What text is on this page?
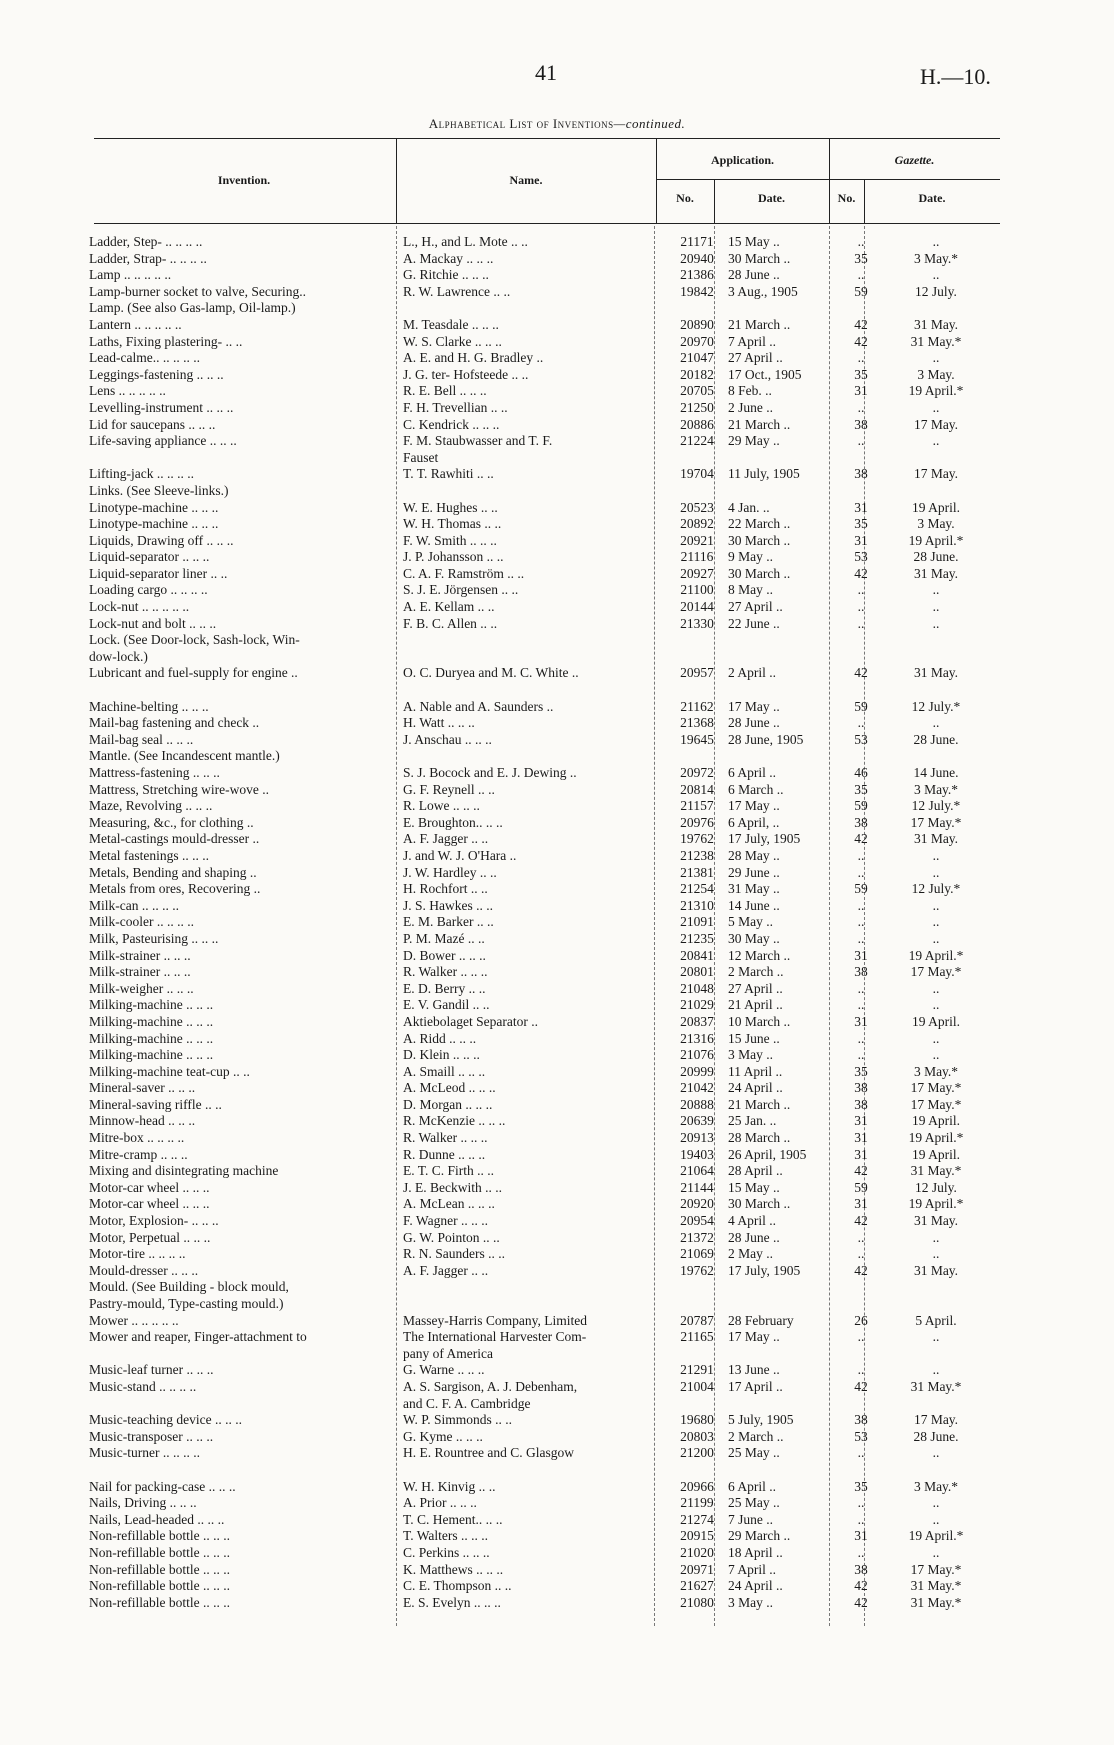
41	H.—10.
Alphabetical List of Inventions—continued.
Invention.	Name.
Application.
No.	Date.
Gazette.
No.	Date.
Ladder, Step- .. .. .. ..	L., H., and L. Mote .. ..	21171	15 May ..	..	..
Ladder, Strap- .. .. .. ..	A. Mackay .. .. ..	20940	30 March ..	35	3 May.*
Lamp .. .. .. .. ..	G. Ritchie .. .. ..	21386	28 June ..	..	..
Lamp-burner socket to valve, Securing..	R. W. Lawrence .. ..	19842	3 Aug., 1905	59	12 July.
Lamp. (See also Gas-lamp, Oil-lamp.)
Lantern .. .. .. .. ..	M. Teasdale .. .. ..	20890	21 March ..	42	31 May.
Laths, Fixing plastering- .. ..	W. S. Clarke .. .. ..	20970	7 April ..	42	31 May.*
Lead-calme.. .. .. .. ..	A. E. and H. G. Bradley ..	21047	27 April ..	..	..
Leggings-fastening .. .. ..	J. G. ter- Hofsteede .. ..	20182	17 Oct., 1905	35	3 May.
Lens .. .. .. .. ..	R. E. Bell .. .. ..	20705	8 Feb. ..	31	19 April.*
Levelling-instrument .. .. ..	F. H. Trevellian .. ..	21250	2 June ..	..	..
Lid for saucepans .. .. ..	C. Kendrick .. .. ..	20886	21 March ..	38	17 May.
Life-saving appliance .. .. ..	F. M. Staubwasser and T. F.	21224	29 May ..	..	..
Fauset
Lifting-jack .. .. .. ..	T. T. Rawhiti .. ..	19704	11 July, 1905	38	17 May.
Links. (See Sleeve-links.)
Linotype-machine .. .. ..	W. E. Hughes .. ..	20523	4 Jan. ..	31	19 April.
Linotype-machine .. .. ..	W. H. Thomas .. ..	20892	22 March ..	35	3 May.
Liquids, Drawing off .. .. ..	F. W. Smith .. .. ..	20921	30 March ..	31	19 April.*
Liquid-separator .. .. ..	J. P. Johansson .. ..	21116	9 May ..	53	28 June.
Liquid-separator liner .. ..	C. A. F. Ramström .. ..	20927	30 March ..	42	31 May.
Loading cargo .. .. .. ..	S. J. E. Jörgensen .. ..	21100	8 May ..	..	..
Lock-nut .. .. .. .. ..	A. E. Kellam .. ..	20144	27 April ..	..	..
Lock-nut and bolt .. .. ..	F. B. C. Allen .. ..	21330	22 June ..	..	..
Lock. (See Door-lock, Sash-lock, Win-
dow-lock.)
Lubricant and fuel-supply for engine ..	O. C. Duryea and M. C. White ..	20957	2 April ..	42	31 May.
Machine-belting .. .. ..	A. Nable and A. Saunders ..	21162	17 May ..	59	12 July.*
Mail-bag fastening and check ..	H. Watt .. .. ..	21368	28 June ..	..	..
Mail-bag seal .. .. ..	J. Anschau .. .. ..	19645	28 June, 1905	53	28 June.
Mantle. (See Incandescent mantle.)
Mattress-fastening .. .. ..	S. J. Bocock and E. J. Dewing ..	20972	6 April ..	46	14 June.
Mattress, Stretching wire-wove ..	G. F. Reynell .. ..	20814	6 March ..	35	3 May.*
Maze, Revolving .. .. ..	R. Lowe .. .. ..	21157	17 May ..	59	12 July.*
Measuring, &c., for clothing ..	E. Broughton.. .. ..	20976	6 April, ..	38	17 May.*
Metal-castings mould-dresser ..	A. F. Jagger .. ..	19762	17 July, 1905	42	31 May.
Metal fastenings .. .. ..	J. and W. J. O'Hara ..	21238	28 May ..	..	..
Metals, Bending and shaping ..	J. W. Hardley .. ..	21381	29 June ..	..	..
Metals from ores, Recovering ..	H. Rochfort .. ..	21254	31 May ..	59	12 July.*
Milk-can .. .. .. ..	J. S. Hawkes .. ..	21310	14 June ..	..	..
Milk-cooler .. .. .. ..	E. M. Barker .. ..	21091	5 May ..	..	..
Milk, Pasteurising .. .. ..	P. M. Mazé .. ..	21235	30 May ..	..	..
Milk-strainer .. .. ..	D. Bower .. .. ..	20841	12 March ..	31	19 April.*
Milk-strainer .. .. ..	R. Walker .. .. ..	20801	2 March ..	38	17 May.*
Milk-weigher .. .. ..	E. D. Berry .. ..	21048	27 April ..	..	..
Milking-machine .. .. ..	E. V. Gandil .. ..	21029	21 April ..	..	..
Milking-machine .. .. ..	Aktiebolaget Separator ..	20837	10 March ..	31	19 April.
Milking-machine .. .. ..	A. Ridd .. .. ..	21316	15 June ..	..	..
Milking-machine .. .. ..	D. Klein .. .. ..	21076	3 May ..	..	..
Milking-machine teat-cup .. ..	A. Smaill .. .. ..	20999	11 April ..	35	3 May.*
Mineral-saver .. .. ..	A. McLeod .. .. ..	21042	24 April ..	38	17 May.*
Mineral-saving riffle .. ..	D. Morgan .. .. ..	20888	21 March ..	38	17 May.*
Minnow-head .. .. ..	R. McKenzie .. .. ..	20639	25 Jan. ..	31	19 April.
Mitre-box .. .. .. ..	R. Walker .. .. ..	20913	28 March ..	31	19 April.*
Mitre-cramp .. .. ..	R. Dunne .. .. ..	19403	26 April, 1905	31	19 April.
Mixing and disintegrating machine	E. T. C. Firth .. ..	21064	28 April ..	42	31 May.*
Motor-car wheel .. .. ..	J. E. Beckwith .. ..	21144	15 May ..	59	12 July.
Motor-car wheel .. .. ..	A. McLean .. .. ..	20920	30 March ..	31	19 April.*
Motor, Explosion- .. .. ..	F. Wagner .. .. ..	20954	4 April ..	42	31 May.
Motor, Perpetual .. .. ..	G. W. Pointon .. ..	21372	28 June ..	..	..
Motor-tire .. .. .. ..	R. N. Saunders .. ..	21069	2 May ..	..	..
Mould-dresser .. .. ..	A. F. Jagger .. ..	19762	17 July, 1905	42	31 May.
Mould. (See Building - block mould,
Pastry-mould, Type-casting mould.)
Mower .. .. .. .. ..	Massey-Harris Company, Limited	20787	28 February	26	5 April.
Mower and reaper, Finger-attachment to	The International Harvester Com-	21165	17 May ..	..	..
pany of America
Music-leaf turner .. .. ..	G. Warne .. .. ..	21291	13 June ..	..	..
Music-stand .. .. .. ..	A. S. Sargison, A. J. Debenham,	21004	17 April ..	42	31 May.*
and C. F. A. Cambridge
Music-teaching device .. .. ..	W. P. Simmonds .. ..	19680	5 July, 1905	38	17 May.
Music-transposer .. .. ..	G. Kyme .. .. ..	20803	2 March ..	53	28 June.
Music-turner .. .. .. ..	H. E. Rountree and C. Glasgow	21200	25 May ..	..	..
Nail for packing-case .. .. ..	W. H. Kinvig .. ..	20966	6 April ..	35	3 May.*
Nails, Driving .. .. ..	A. Prior .. .. ..	21199	25 May ..	..	..
Nails, Lead-headed .. .. ..	T. C. Hement.. .. ..	21274	7 June ..	..	..
Non-refillable bottle .. .. ..	T. Walters .. .. ..	20915	29 March ..	31	19 April.*
Non-refillable bottle .. .. ..	C. Perkins .. .. ..	21020	18 April ..	..	..
Non-refillable bottle .. .. ..	K. Matthews .. .. ..	20971	7 April ..	38	17 May.*
Non-refillable bottle .. .. ..	C. E. Thompson .. ..	21627	24 April ..	42	31 May.*
Non-refillable bottle .. .. ..	E. S. Evelyn .. .. ..	21080	3 May ..	42	31 May.*
